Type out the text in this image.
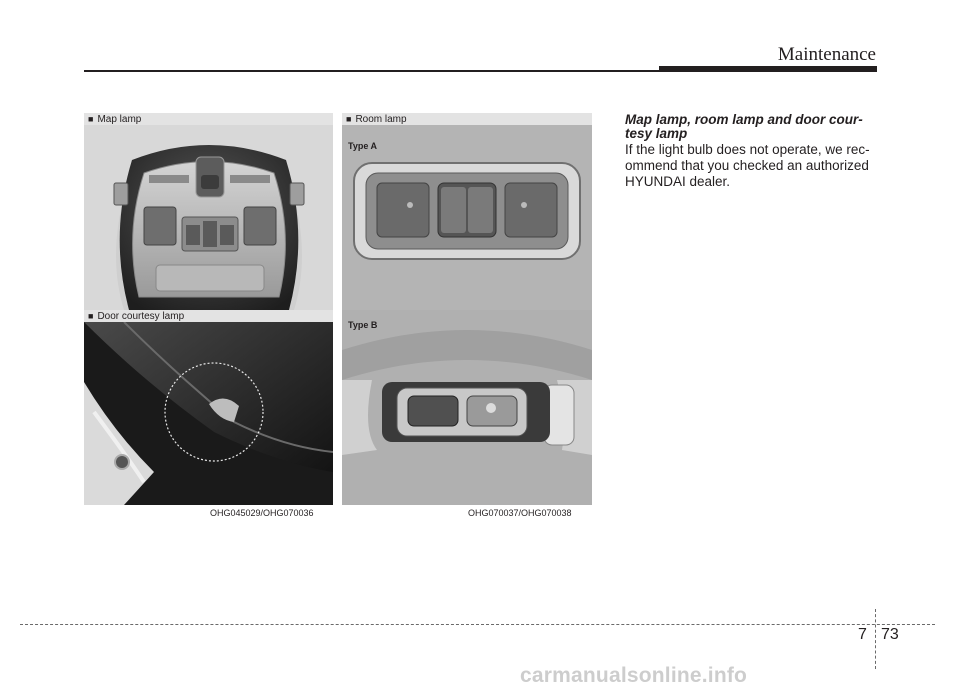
Maintenance
■ Map lamp
■ Door courtesy lamp
OHG045029/OHG070036
■ Room lamp
Type A
Type B
OHG070037/OHG070038
Map lamp, room lamp and door cour-
tesy lamp
If the light bulb does not operate, we rec-
ommend that you checked an authorized
HYUNDAI dealer.
7 73
carmanualsonline.info
